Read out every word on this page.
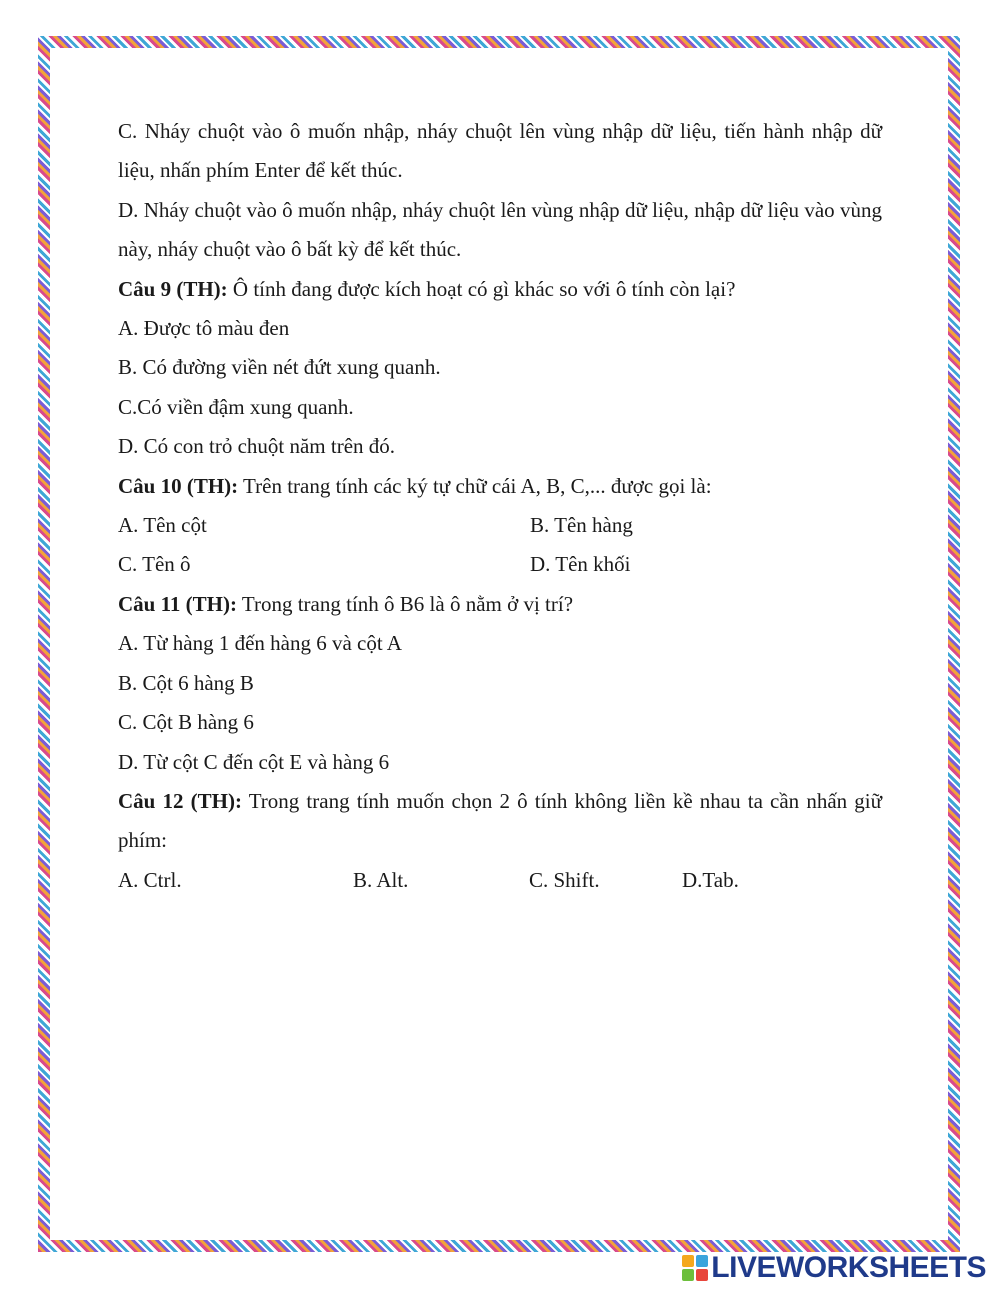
C. Nháy chuột vào ô muốn nhập, nháy chuột lên vùng nhập dữ liệu, tiến hành nhập dữ liệu, nhấn phím Enter để kết thúc.

D. Nháy chuột vào ô muốn nhập, nháy chuột lên vùng nhập dữ liệu, nhập dữ liệu vào vùng này, nháy chuột vào ô bất kỳ để kết thúc.

Câu 9 (TH): Ô tính đang được kích hoạt có gì khác so với ô tính còn lại?

A. Được tô màu đen

B. Có đường viền nét đứt xung quanh.

C.Có viền đậm xung quanh.

D. Có con trỏ chuột năm trên đó.

Câu 10 (TH): Trên trang tính các ký tự chữ cái A, B, C,... được gọi là:

A. Tên cột	B. Tên hàng
C. Tên ô	D. Tên khối

Câu 11 (TH): Trong trang tính ô B6 là ô nằm ở vị trí?

A. Từ hàng 1 đến hàng 6 và cột A

B. Cột 6 hàng B

C. Cột B hàng 6

D. Từ cột C đến cột E và hàng 6

Câu 12 (TH): Trong trang tính muốn chọn 2 ô tính không liền kề nhau ta cần nhấn giữ phím:

A. Ctrl.	B. Alt.	C. Shift.	D.Tab.
LIVEWORKSHEETS
